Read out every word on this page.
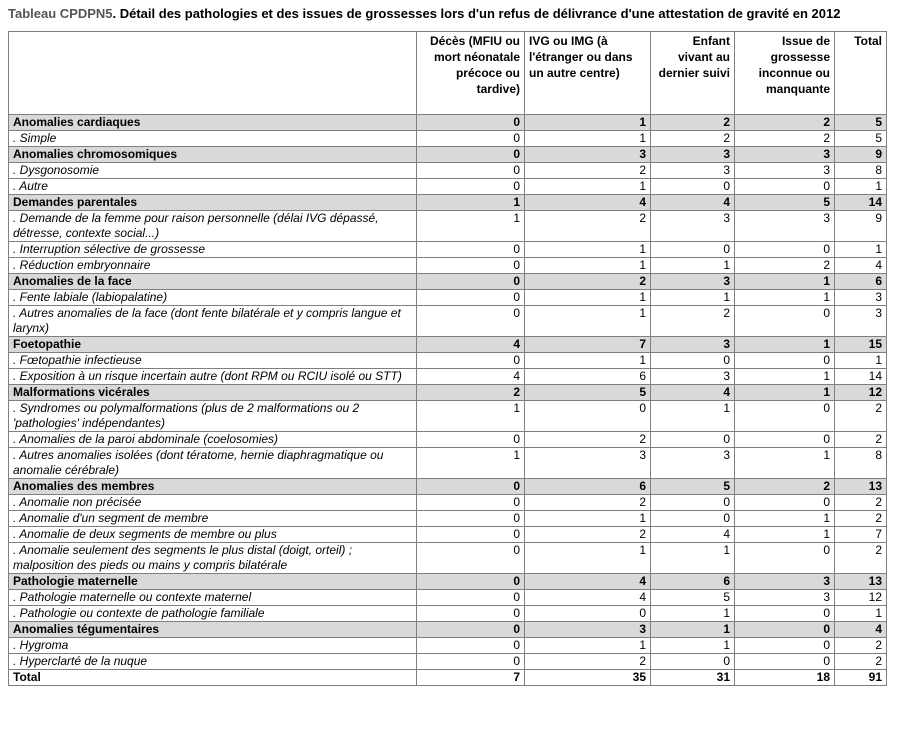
Tableau CPDPN5. Détail des pathologies et des issues de grossesses lors d'un refus de délivrance d'une attestation de gravité en 2012
	Décès (MFIU ou mort néonatale précoce ou tardive)	IVG ou IMG (à l'étranger ou dans un autre centre)	Enfant vivant au dernier suivi	Issue de grossesse inconnue ou manquante	Total
Anomalies cardiaques	0	1	2	2	5
. Simple	0	1	2	2	5
Anomalies chromosomiques	0	3	3	3	9
. Dysgonosomie	0	2	3	3	8
. Autre	0	1	0	0	1
Demandes parentales	1	4	4	5	14
. Demande de la femme pour raison personnelle (délai IVG dépassé, détresse, contexte social...)	1	2	3	3	9
. Interruption sélective de grossesse	0	1	0	0	1
. Réduction embryonnaire	0	1	1	2	4
Anomalies de la face	0	2	3	1	6
. Fente labiale (labiopalatine)	0	1	1	1	3
. Autres anomalies de la face (dont fente bilatérale et y compris langue et larynx)	0	1	2	0	3
Foetopathie	4	7	3	1	15
. Fœtopathie infectieuse	0	1	0	0	1
. Exposition à un risque incertain autre (dont RPM ou RCIU isolé ou STT)	4	6	3	1	14
Malformations vicérales	2	5	4	1	12
. Syndromes ou polymalformations (plus de 2 malformations ou 2 'pathologies' indépendantes)	1	0	1	0	2
. Anomalies de la paroi abdominale (coelosomies)	0	2	0	0	2
. Autres anomalies isolées (dont tératome, hernie diaphragmatique ou anomalie cérébrale)	1	3	3	1	8
Anomalies des membres	0	6	5	2	13
. Anomalie non précisée	0	2	0	0	2
. Anomalie d'un segment de membre	0	1	0	1	2
. Anomalie de deux segments de membre ou plus	0	2	4	1	7
. Anomalie seulement des segments le plus distal (doigt, orteil) ; malposition des pieds ou mains y compris bilatérale	0	1	1	0	2
Pathologie maternelle	0	4	6	3	13
. Pathologie maternelle ou contexte maternel	0	4	5	3	12
. Pathologie ou contexte de pathologie familiale	0	0	1	0	1
Anomalies tégumentaires	0	3	1	0	4
. Hygroma	0	1	1	0	2
. Hyperclarté de la nuque	0	2	0	0	2
Total	7	35	31	18	91
